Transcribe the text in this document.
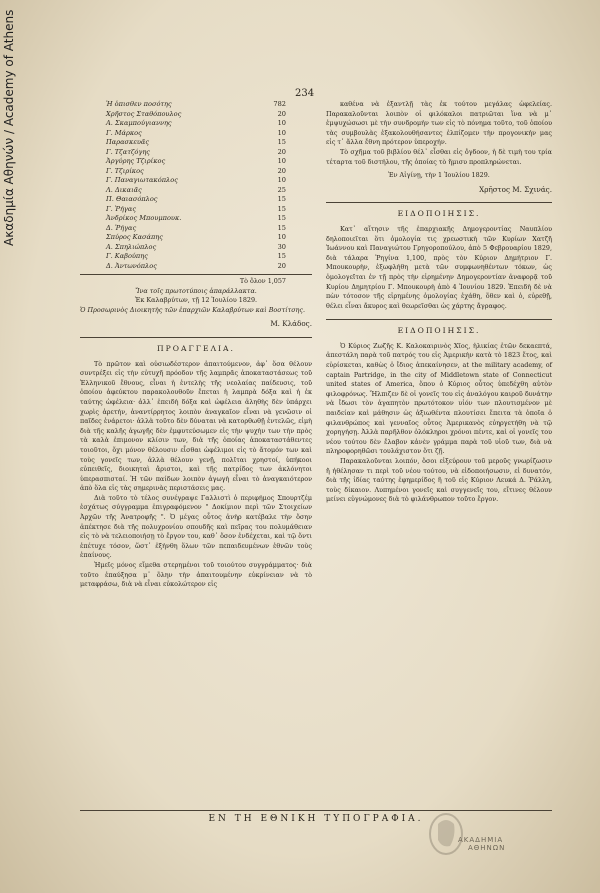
Ακαδημία Αθηνών / Academy of Athens	234
Ἡ ὁπισθεν ποσότης	782
Χρῆστος Σταθόπουλος	20
Α. Σκαμπούγιαννης	10
Γ. Μάρκος	10
Παρασκευᾶς	15
Γ. Τζατζόγης	20
Ἀργύρης Τζιρίκος	10
Γ. Τζιρίκος	20
Γ. Παναγιωτακόπλος	10
Λ. Δικαιᾶς	25
Π. Θαιασόπλος	15
Γ. Ῥήγας	15
Ἀνδρίκος Μπουμπουκ.	15
Δ. Ῥήγας	15
Σπύρος Κασάπης	10
Α. Σπηλιώπλος	30
Γ. Καβούπης	15
Δ. Ἀντωνόπλος	20
Τὸ ὅλον 1,057

Ἴνα τοῖς πρωτοτύποις ἀπαράλλακτα.

Ἐκ Καλαβρύτων, τῇ 12 Ἰουλίου 1829.

Ὁ Προσωρινὸς Διοικητὴς τῶν ἐπαρχιῶν Καλαβρύτων καὶ Βοστίτσης.

Μ. Κλάδος.

ΠΡΟΑΓΓΕΛΙΑ.

Τὸ πρῶτον καὶ οὐσιωδέστερον ἀπαιτούμενον, ἀφ᾽ ὅσα θέλουν συντρέξει εἰς τὴν εὐτυχῆ πρόοδον τῆς λαμπρᾶς ἀποκαταστάσεως τοῦ Ἑλληνικοῦ ἔθνους, εἶναι ἡ ἐντελὴς τῆς νεολαίας παίδευσις, τοῦ ὁποίου ἀφεύκτου παρακολουθοῦν ἔπεται ἡ λαμπρὰ δόξα καὶ ἡ ἐκ ταύτης ὠφέλεια· ἀλλ᾽ ἐπειδὴ δόξα καὶ ὠφέλεια ἀληθὴς δὲν ὑπάρχει χωρὶς ἀρετήν, ἀναντίρρητος λοιπὸν ἀναγκαῖον εἶναι νὰ γενῶσιν οἱ παῖδες ἐνάρετοι· ἀλλὰ τοῦτο δὲν δύναται νὰ κατορθωθῇ ἐντελῶς, εἰμὴ διὰ τῆς καλῆς ἀγωγῆς δὲν ἐμφυτεύσωμεν εἰς τὴν ψυχὴν των τὴν πρὸς τὰ καλὰ ἐπιμονον κλίσιν των, διὰ τῆς ὁποίας ἀποκαταστάθεντες τοιοῦτοι, ὄχι μόνον θέλουσιν εἶσθαι ὠφέλιμοι εἰς τὸ ἄτομόν των καὶ τοὺς γονεῖς των, ἀλλὰ θέλουν γενῇ, πολῖται χρηστοί, ὑπήκοοι εὐπειθεῖς, διοικηταὶ ἄριστοι, καὶ τῆς πατρίδος των ἀκλόνητοι ὑπερασπισταί. Ἡ τῶν παίδων λοιπὸν ἀγωγὴ εἶναι τὸ ἀναγκαιότερον ἀπὸ ὅλα εἰς τὰς σημερινὰς περιστάσεις μας.

Διὰ τοῦτο τὸ τέλος συνέγραψε Γαλλιστὶ ὁ περιφήμος Σπουρτζέμ ἐσχάτως σύγγραμμα ἐπιγραφόμενον " Δοκίμιον περὶ τῶν Στοιχείων Ἀρχῶν τῆς Ἀνατροφῆς ". Ὁ μέγας οὗτος ἀνὴρ κατέβαλε τὴν ὅσην ἀπέκτησε διὰ τῆς πολυχρονίου σπουδῆς καὶ πεῖρας του πολυμάθειαν εἰς τὸ νὰ τελειοποιήσῃ τὸ ἔργον του, καθ᾽ ὅσον ἐνδέχεται, καὶ τῷ ὄντι ἐπέτυχε τόσον, ὥστ᾽ ἐξήνθη ὅλων τῶν πεπαιδευμένων ἐθνῶν τοὺς ἐπαίνους.

Ἡμεῖς μόνος εἴμεθα στερημένοι τοῦ τοιούτου συγγράμματος· διὰ τοῦτο ἐπαύξησα μ᾽ ὅλην τὴν ἀπαιτουμένην εὐκρίνειαν νὰ τὸ μεταφράσω, διὰ νὰ εἶναι εὐκολώτερον εἰς

καθένα νὰ ἐξαντλῇ τὰς ἐκ τούτου μεγάλας ὠφελείας. Παρακαλοῦνται λοιπὸν οἱ φιλόκαλοι πατριῶται ἵνα νὰ μ᾽ ἐμψυχώσωσι μὲ τὴν συνδρομήν των εἰς τὸ πόνημα τοῦτο, τοῦ ὁποίου τὰς συμβουλὰς ἐξακολουθήσαντες ἐλπίζομεν τὴν προγονικήν μας εἰς τ᾽ ἄλλα ἔθνη πρότερον ὑπεροχήν.

Τὸ σχῆμα τοῦ βιβλίου θέλ᾽ εἶσθαι εἰς ὄγδοον, ἡ δὲ τιμὴ του τρία τέταρτα τοῦ διστήλου, τῆς ὁποίας τὸ ἥμισυ προπληρώνεται.

Ἐν Αἰγίνῃ, τὴν 1 Ἰουλίου 1829.

Χρῆστος Μ. Σχινάς.

ΕΙΔΟΠΟΙΗΣΙΣ.

Κατ᾽ αἴτησιν τῆς ἐπαρχιακῆς Δημογεροντίας Ναυπλίου δηλοποιεῖται ὅτι ὁμολογία τις χρεωστικὴ τῶν Κυρίων Χατζῆ Ἰωάννου καὶ Παναγιώτου Γρηγοροπούλου, ἀπὸ 5 Φεβρουαρίου 1829, διὰ τάλαρα Ῥηγίνα 1,100, πρὸς τὸν Κύριον Δημήτριον Γ. Μπουκουρὴν, ἐξωφλήθη μετὰ τῶν συμφωνηθέντων τόκων, ὡς ὁμολογεῖται ἐν τῇ πρὸς τὴν εἰρημένην Δημογεροντίαν ἀναφορᾷ τοῦ Κυρίου Δημητρίου Γ. Μπουκουρὴ ἀπὸ 4 Ἰουνίου 1829. Ἐπειδὴ δὲ νὰ πὼν τότοσον τῆς εἰρημένης ὁμολογίας ἐχάθη, ὅθεν καὶ ὁ, εὑρεθῇ, θέλει εἶναι ἄκυρος καὶ θεωρεῖσθαι ὡς χάρτης ἄγραφος.

ΕΙΔΟΠΟΙΗΣΙΣ.

Ὁ Κύριος Ζωζῆς Κ. Καλοκαιρινὸς Χῖος, ἡλικίας ἐτῶν δεκαεπτά, ἀπεστάλη παρὰ τοῦ πατρός του εἰς Ἀμερικὴν κατὰ τὸ 1823 ἔτος, καὶ εὑρίσκεται, καθὼς ὁ ἴδιος ἀπεκαίνησεν, at the military academy, of captain Partridge, in the city of Middletown state of Connecticut united states of America, ὅπου ὁ Κύριος οὗτος ὑπεδέχθη αὐτὸν φιλοφρόνως. Ἤλπιζεν δὲ οἱ γονεῖς του εἰς ἀναλόγου καιροῦ δυνάτην νὰ ἴδωσι τὸν ἀγαπητὸν πρωτότοκον υἱόν των πλουτισμένον μὲ παιδείαν καὶ μάθησιν ὡς ἀξιωθέντα πλουτίσει ἔπειτα τὰ ὁποῖα ὁ φιλανθρώπος καὶ γενναῖος οὗτος Ἀμερικανὸς εὐηργετήθη νὰ τῷ χορηγήσῃ. Ἀλλὰ παρῆλθον ὁλόκληροι χρόνοι πέντε, καὶ οἱ γονεῖς του νέου τούτου δὲν ἔλαβον κἀνὲν γράμμα παρὰ τοῦ υἱοῦ των, διὰ νὰ πληροφορηθῶσι τουλάχιστον ὅτι ζῇ.

Παρακαλοῦνται λοιπόν, ὅσοι εἰξεύρουν τοῦ μεροῦς γνωρίζωσιν ἤ ἠθέλησαν τι περὶ τοῦ νέου τούτου, νὰ εἰδοποιήσωσιν, εἰ δυνατόν, διὰ τῆς ἰδίας ταύτης ἐφημερίδος ἢ τοῦ εἰς Κύριον Λευκά Δ. Ῥάλλη, τοὺς δίκαιον. Λυπημένοι γονεῖς καὶ συγγενεῖς του, εἴτινες θέλουν μείνει εὐγνώμονες διὰ τὸ φιλάνθρωπον τοῦτο ἔργον.

ΕΝ ΤΗ ΕΘΝΙΚΗ ΤΥΠΟΓΡΑΦΙΑ.
ΑΚΑΔΗΜΙΑ
ΑΘΗΝΩΝ
